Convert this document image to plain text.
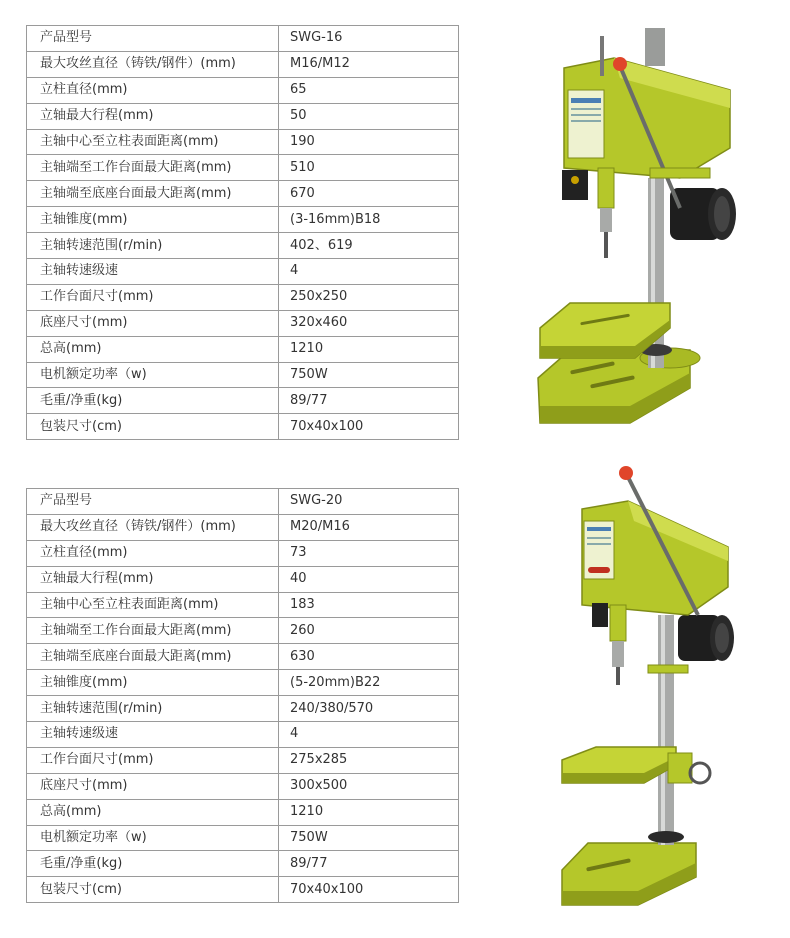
产品型号	SWG-16
最大攻丝直径（铸铁/钢件）(mm)	M16/M12
立柱直径(mm)	65
立轴最大行程(mm)	50
主轴中心至立柱表面距离(mm)	190
主轴端至工作台面最大距离(mm)	510
主轴端至底座台面最大距离(mm)	670
主轴锥度(mm)	(3-16mm)B18
主轴转速范围(r/min)	402、619
主轴转速级速	4
工作台面尺寸(mm)	250x250
底座尺寸(mm)	320x460
总高(mm)	1210
电机额定功率（w)	750W
毛重/净重(kg)	89/77
包装尺寸(cm)	70x40x100
产品型号	SWG-20
最大攻丝直径（铸铁/钢件）(mm)	M20/M16
立柱直径(mm)	73
立轴最大行程(mm)	40
主轴中心至立柱表面距离(mm)	183
主轴端至工作台面最大距离(mm)	260
主轴端至底座台面最大距离(mm)	630
主轴锥度(mm)	(5-20mm)B22
主轴转速范围(r/min)	240/380/570
主轴转速级速	4
工作台面尺寸(mm)	275x285
底座尺寸(mm)	300x500
总高(mm)	1210
电机额定功率（w)	750W
毛重/净重(kg)	89/77
包装尺寸(cm)	70x40x100
